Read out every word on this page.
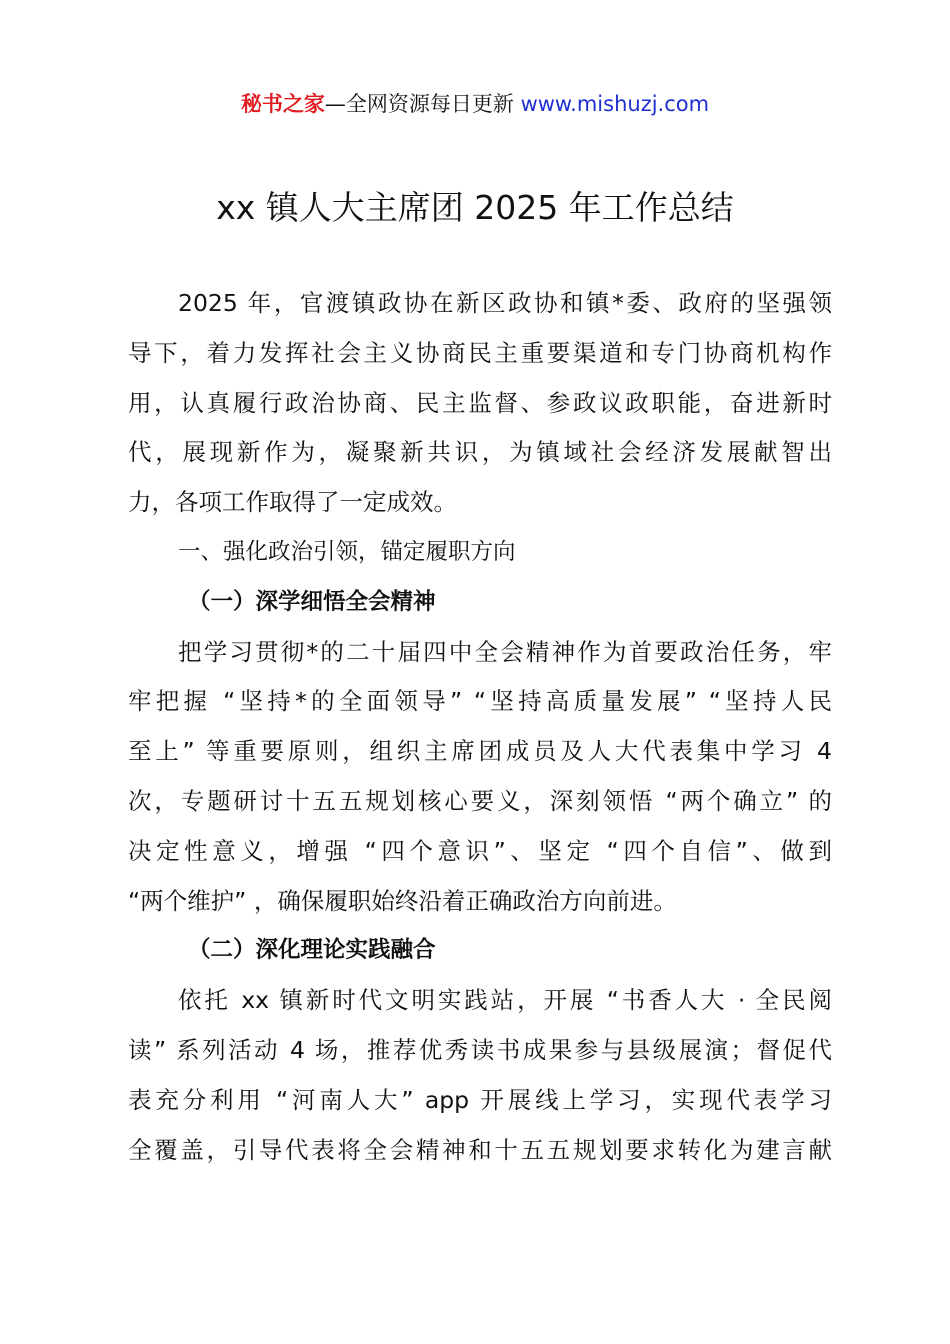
秘书之家—全网资源每日更新 www.mishuzj.com
xx 镇人大主席团 2025 年工作总结
2025 年，官渡镇政协在新区政协和镇*委、政府的坚强领
导下，着力发挥社会主义协商民主重要渠道和专门协商机构作
用，认真履行政治协商、民主监督、参政议政职能，奋进新时
代，展现新作为，凝聚新共识，为镇域社会经济发展献智出
力，各项工作取得了一定成效。
一、强化政治引领，锚定履职方向
（一）深学细悟全会精神
把学习贯彻*的二十届四中全会精神作为首要政治任务，牢
牢把握 “坚持*的全面领导” “坚持高质量发展” “坚持人民
至上” 等重要原则，组织主席团成员及人大代表集中学习 4
次，专题研讨十五五规划核心要义，深刻领悟 “两个确立” 的
决定性意义，增强 “四个意识”、坚定 “四个自信”、做到
“两个维护” ，确保履职始终沿着正确政治方向前进。
（二）深化理论实践融合
依托 xx 镇新时代文明实践站，开展 “书香人大 · 全民阅
读” 系列活动 4 场，推荐优秀读书成果参与县级展演；督促代
表充分利用 “河南人大” app 开展线上学习，实现代表学习
全覆盖，引导代表将全会精神和十五五规划要求转化为建言献
